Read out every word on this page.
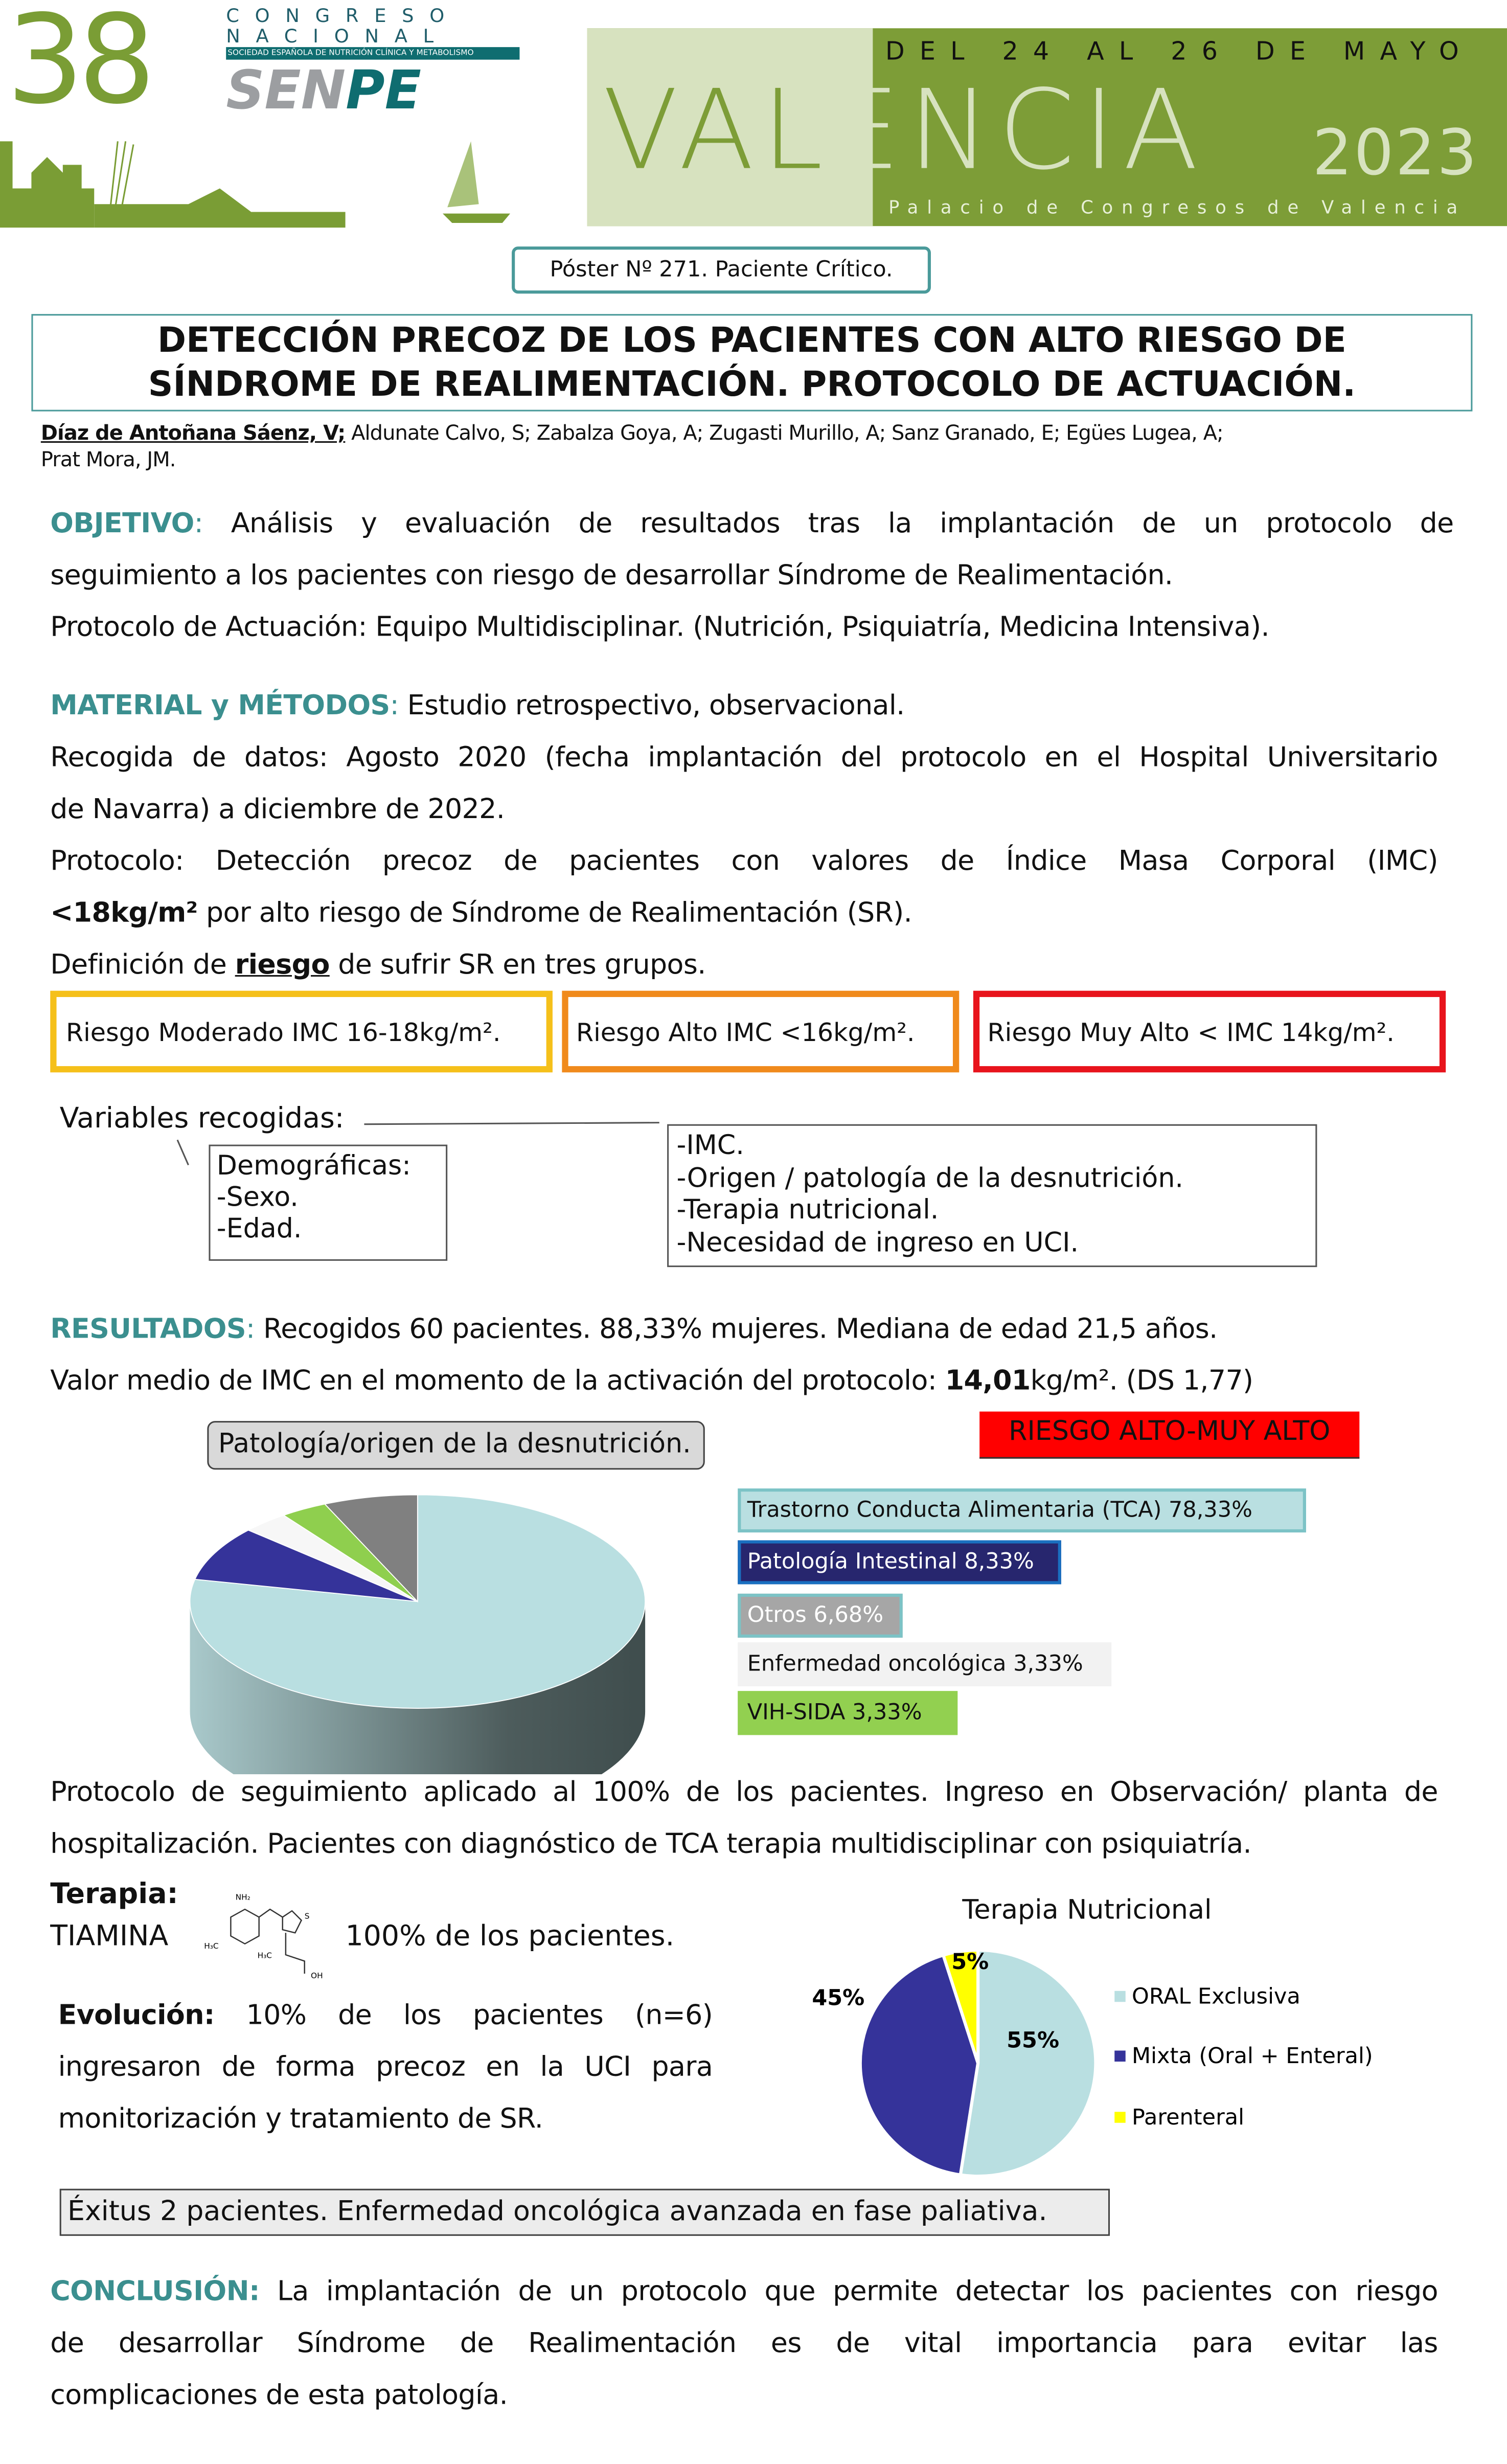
38	CONGRESO
NACIONAL
SOCIEDAD ESPAÑOLA DE NUTRICIÓN CLÍNICA Y METABOLISMO
SENPE
DEL 24 AL 26 DE MAYO
VALENCIA	2023
Palacio de Congresos de Valencia
Póster Nº 271. Paciente Crítico.
DETECCIÓN PRECOZ DE LOS PACIENTES CON ALTO RIESGO DE
SÍNDROME DE REALIMENTACIÓN. PROTOCOLO DE ACTUACIÓN.
Díaz de Antoñana Sáenz, V; Aldunate Calvo, S; Zabalza Goya, A; Zugasti Murillo, A; Sanz Granado, E; Egües Lugea, A;
Prat Mora, JM.
OBJETIVO: Análisis y evaluación de resultados tras la implantación de un protocolo de
seguimiento a los pacientes con riesgo de desarrollar Síndrome de Realimentación.
Protocolo de Actuación: Equipo Multidisciplinar. (Nutrición, Psiquiatría, Medicina Intensiva).
MATERIAL y MÉTODOS: Estudio retrospectivo, observacional.
Recogida de datos: Agosto 2020 (fecha implantación del protocolo en el Hospital Universitario
de Navarra) a diciembre de 2022.
Protocolo: Detección precoz de pacientes con valores de Índice Masa Corporal (IMC)
<18kg/m² por alto riesgo de Síndrome de Realimentación (SR).
Definición de riesgo de sufrir SR en tres grupos.
Riesgo Moderado IMC 16-18kg/m².	Riesgo Alto IMC <16kg/m².	Riesgo Muy Alto < IMC 14kg/m².
Variables recogidas:
Demográficas:
-Sexo.
-Edad.
-IMC.
-Origen / patología de la desnutrición.
-Terapia nutricional.
-Necesidad de ingreso en UCI.
RESULTADOS: Recogidos 60 pacientes. 88,33% mujeres. Mediana de edad 21,5 años.
Valor medio de IMC en el momento de la activación del protocolo: 14,01kg/m². (DS 1,77)
Patología/origen de la desnutrición.	RIESGO ALTO-MUY ALTO
Trastorno Conducta Alimentaria (TCA) 78,33%
Patología Intestinal 8,33%
Otros 6,68%
Enfermedad oncológica 3,33%
VIH-SIDA 3,33%
Protocolo de seguimiento aplicado al 100% de los pacientes. Ingreso en Observación/ planta de
hospitalización. Pacientes con diagnóstico de TCA terapia multidisciplinar con psiquiatría.
Terapia:
TIAMINA
NH₂
S
OH
H₃C
H₃C
100% de los pacientes.
Evolución: 10% de los pacientes (n=6)
ingresaron de forma precoz en la UCI para
monitorización y tratamiento de SR.
Terapia Nutricional
55%
ORAL Exclusiva
45%
Mixta (Oral + Enteral)
5%
Parenteral
Éxitus 2 pacientes. Enfermedad oncológica avanzada en fase paliativa.
CONCLUSIÓN: La implantación de un protocolo que permite detectar los pacientes con riesgo
de desarrollar Síndrome de Realimentación es de vital importancia para evitar las
complicaciones de esta patología.
